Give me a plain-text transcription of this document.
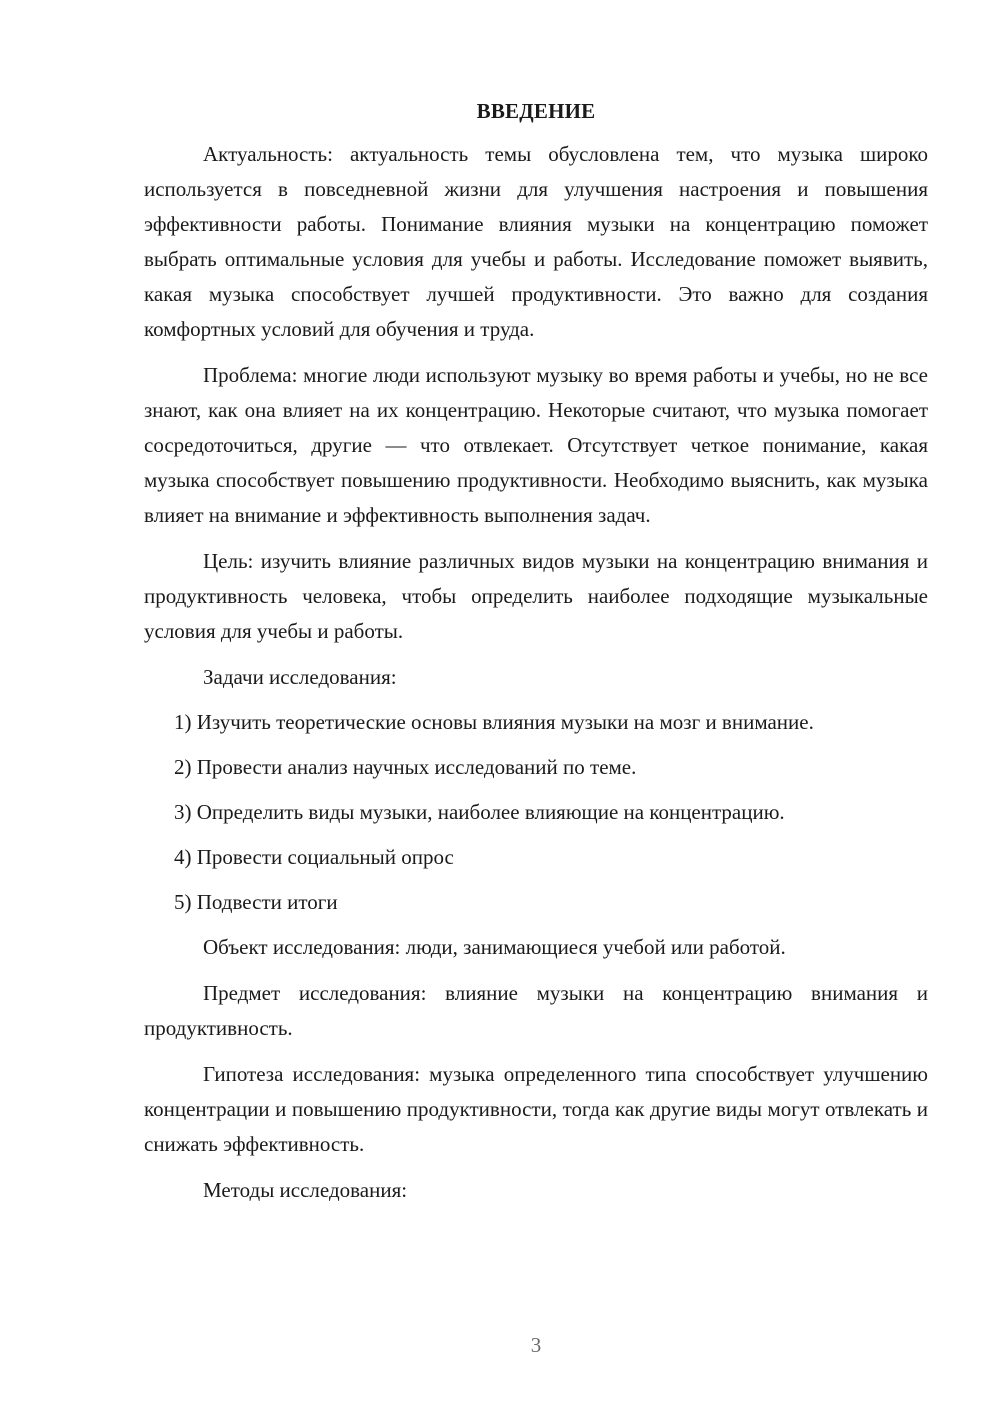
ВВЕДЕНИЕ

Актуальность: актуальность темы обусловлена тем, что музыка широко используется в повседневной жизни для улучшения настроения и повышения эффективности работы. Понимание влияния музыки на концентрацию поможет выбрать оптимальные условия для учебы и работы. Исследование поможет выявить, какая музыка способствует лучшей продуктивности. Это важно для создания комфортных условий для обучения и труда.

Проблема: многие люди используют музыку во время работы и учебы, но не все знают, как она влияет на их концентрацию. Некоторые считают, что музыка помогает сосредоточиться, другие — что отвлекает. Отсутствует четкое понимание, какая музыка способствует повышению продуктивности. Необходимо выяснить, как музыка влияет на внимание и эффективность выполнения задач.

Цель: изучить влияние различных видов музыки на концентрацию внимания и продуктивность человека, чтобы определить наиболее подходящие музыкальные условия для учебы и работы.

Задачи исследования:

1) Изучить теоретические основы влияния музыки на мозг и внимание.
2) Провести анализ научных исследований по теме.
3) Определить виды музыки, наиболее влияющие на концентрацию.
4) Провести социальный опрос
5) Подвести итоги

Объект исследования: люди, занимающиеся учебой или работой.

Предмет исследования: влияние музыки на концентрацию внимания и продуктивность.

Гипотеза исследования: музыка определенного типа способствует улучшению концентрации и повышению продуктивности, тогда как другие виды могут отвлекать и снижать эффективность.

Методы исследования:

3
